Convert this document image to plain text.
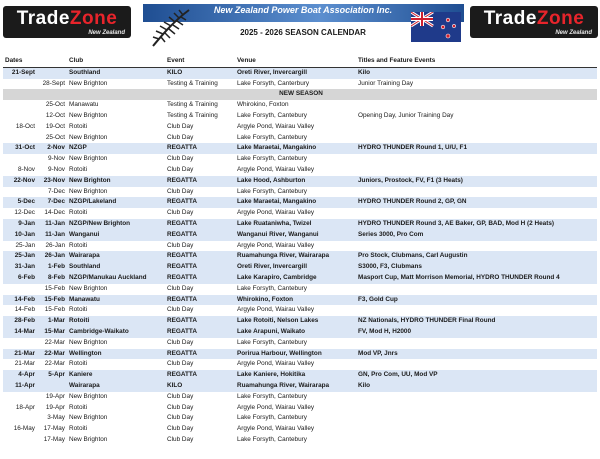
TradeZone
New Zealand
New Zealand Power Boat Association Inc.
2025 - 2026 SEASON CALENDAR
TradeZone
New Zealand
Dates		Club	Event	Venue	Titles and Feature Events
21-Sept		Southland	KILO	Oreti River, Invercargill	Kilo
	28-Sept	New Brighton	Testing & Training	Lake Forsyth, Canterbury	Junior Training Day
NEW SEASON					
	25-Oct	Manawatu	Testing & Training	Whirokino, Foxton	
	12-Oct	New Brighton	Testing & Training	Lake Forsyth, Cantebury	Opening Day, Junior Training Day
18-Oct	19-Oct	Rotoiti	Club Day	Argyle Pond, Wairau Valley	
	25-Oct	New Brighton	Club Day	Lake Forsyth, Cantebury	
31-Oct	2-Nov	NZGP	REGATTA	Lake Maraetai, Mangakino	HYDRO THUNDER Round 1, U/U, F1
	9-Nov	New Brighton	Club Day	Lake Forsyth, Cantebury	
8-Nov	9-Nov	Rotoiti	Club Day	Argyle Pond, Wairau Valley	
22-Nov	23-Nov	New Brighton	REGATTA	Lake Hood, Ashburton	Juniors, Prostock, FV, F1 (3 Heats)
	7-Dec	New Brighton	Club Day	Lake Forsyth, Cantebury	
5-Dec	7-Dec	NZGP/Lakeland	REGATTA	Lake Maraetai, Mangakino	HYDRO THUNDER Round 2, GP, GN
12-Dec	14-Dec	Rotoiti	Club Day	Argyle Pond, Wairau Valley	
9-Jan	11-Jan	NZGP/New Brighton	REGATTA	Lake Ruataniwha, Twizel	HYDRO THUNDER Round 3, AE Baker, GP, BAD, Mod H (2 Heats)
10-Jan	11-Jan	Wanganui	REGATTA	Wanganui River, Wanganui	Series 3000, Pro Com
25-Jan	26-Jan	Rotoiti	Club Day	Argyle Pond, Wairau Valley	
25-Jan	26-Jan	Wairarapa	REGATTA	Ruamahunga River, Wairarapa	Pro Stock, Clubmans, Carl Augustin
31-Jan	1-Feb	Southland	REGATTA	Oreti River, Invercargill	S3000, F3, Clubmans
6-Feb	8-Feb	NZGP/Manukau Auckland	REGATTA	Lake Karapiro, Cambridge	Masport Cup, Matt Morrison Memorial, HYDRO THUNDER Round 4
	15-Feb	New Brighton	Club Day	Lake Forsyth, Cantebury	
14-Feb	15-Feb	Manawatu	REGATTA	Whirokino, Foxton	F3, Gold Cup
14-Feb	15-Feb	Rotoiti	Club Day	Argyle Pond, Wairau Valley	
28-Feb	1-Mar	Rotoiti	REGATTA	Lake Rotoiti, Nelson Lakes	NZ Nationals, HYDRO THUNDER Final Round
14-Mar	15-Mar	Cambridge-Waikato	REGATTA	Lake Arapuni, Waikato	FV, Mod H, H2000
	22-Mar	New Brighton	Club Day	Lake Forsyth, Cantebury	
21-Mar	22-Mar	Wellington	REGATTA	Porirua Harbour, Wellington	Mod VP, Jnrs
21-Mar	22-Mar	Rotoiti	Club Day	Argyle Pond, Wairau Valley	
4-Apr	5-Apr	Kaniere	REGATTA	Lake Kaniere, Hokitika	GN, Pro Com, UU, Mod VP
11-Apr		Wairarapa	KILO	Ruamahunga River, Wairarapa	Kilo
	19-Apr	New Brighton	Club Day	Lake Forsyth, Cantebury	
18-Apr	19-Apr	Rotoiti	Club Day	Argyle Pond, Wairau Valley	
	3-May	New Brighton	Club Day	Lake Forsyth, Cantebury	
16-May	17-May	Rotoiti	Club Day	Argyle Pond, Wairau Valley	
	17-May	New Brighton	Club Day	Lake Forsyth, Cantebury	
